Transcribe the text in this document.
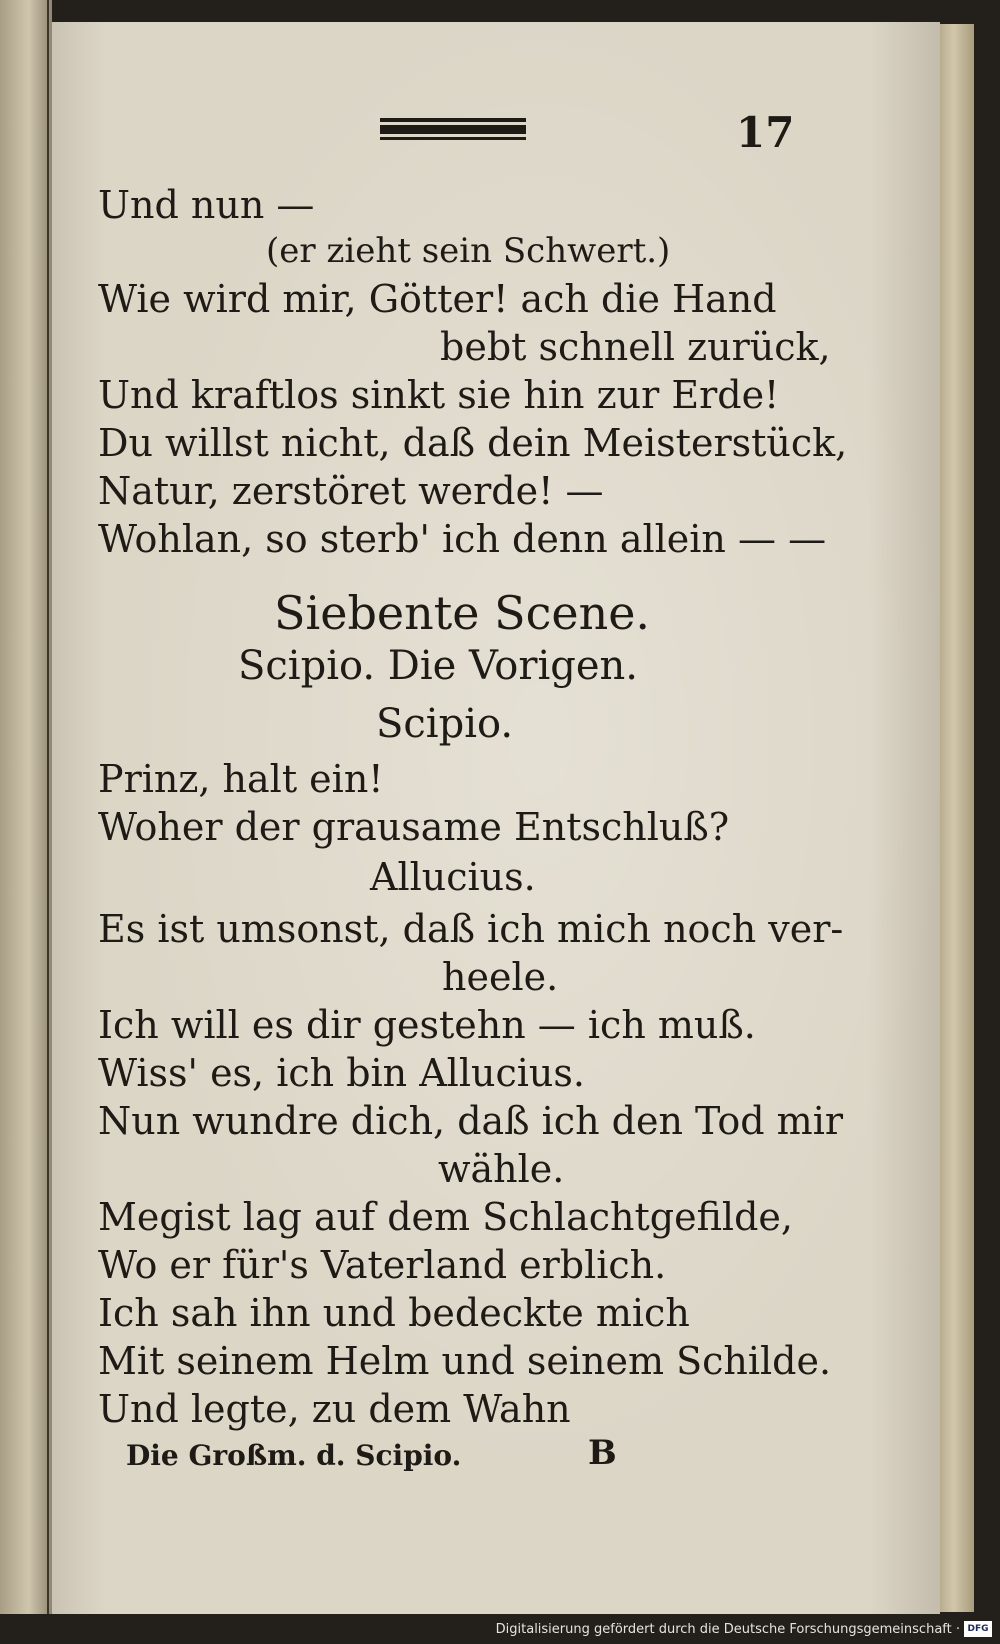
17
Und nun —
(er zieht sein Schwert.)
Wie wird mir, Götter! ach die Hand
bebt schnell zurück,
Und kraftlos sinkt sie hin zur Erde!
Du willst nicht, daß dein Meisterstück,
Natur, zerstöret werde! —
Wohlan, so sterb' ich denn allein — —
Siebente Scene.
Scipio. Die Vorigen.
Scipio.
Prinz, halt ein!
Woher der grausame Entschluß?
Allucius.
Es ist umsonst, daß ich mich noch ver-
heele.
Ich will es dir gestehn — ich muß.
Wiss' es, ich bin Allucius.
Nun wundre dich, daß ich den Tod mir
wähle.
Megist lag auf dem Schlachtgefilde,
Wo er für's Vaterland erblich.
Ich sah ihn und bedeckte mich
Mit seinem Helm und seinem Schilde.
Und legte, zu dem Wahn
Die Großm. d. Scipio.	B
Digitalisierung gefördert durch die Deutsche Forschungsgemeinschaft · DFG
